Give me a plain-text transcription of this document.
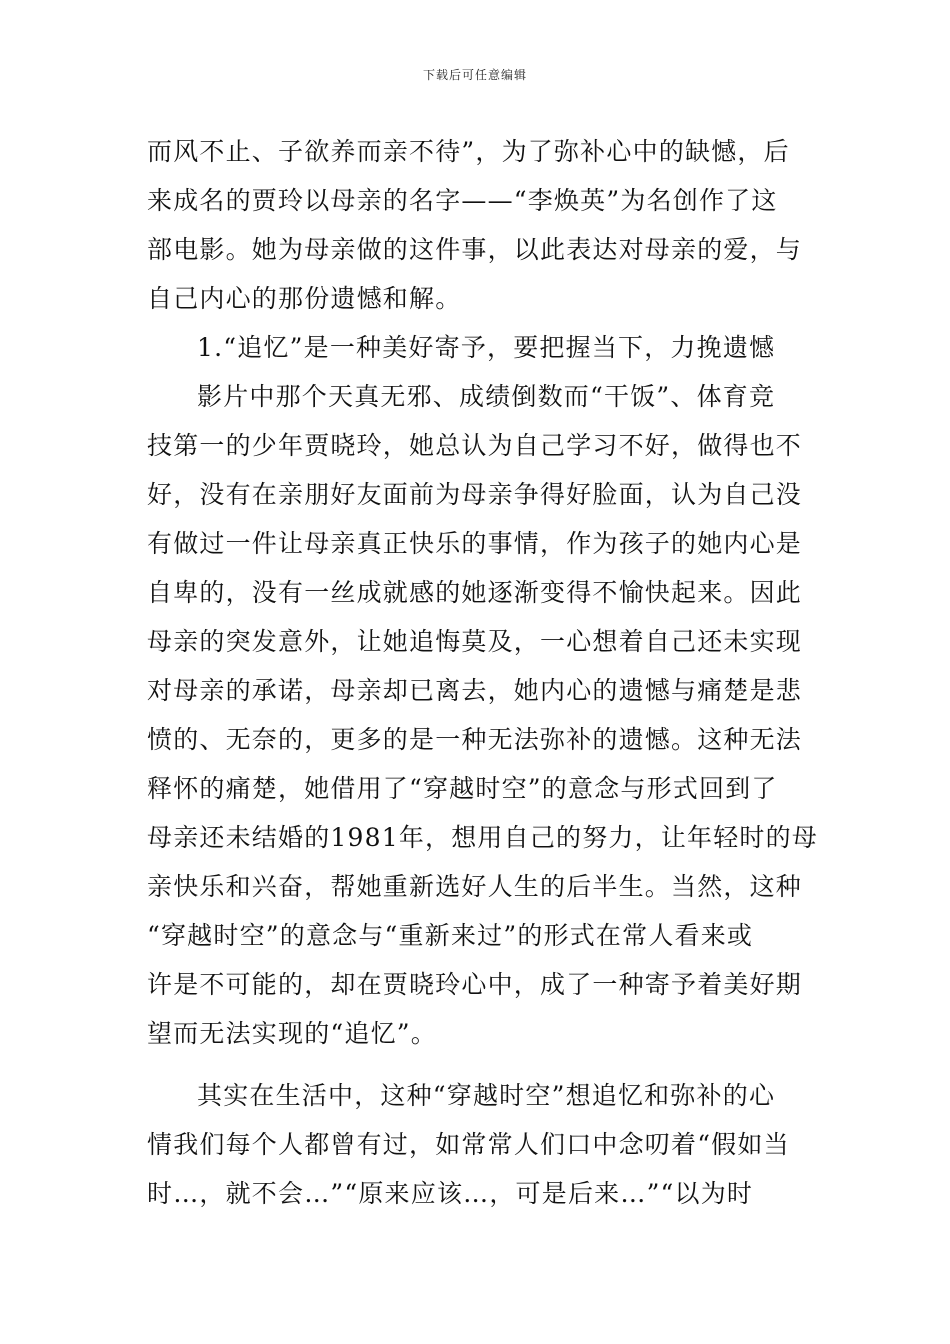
下载后可任意编辑
而风不止、子欲养而亲不待”，为了弥补心中的缺憾，后
来成名的贾玲以母亲的名字——“李焕英”为名创作了这
部电影。她为母亲做的这件事，以此表达对母亲的爱，与
自己内心的那份遗憾和解。
1.“追忆”是一种美好寄予，要把握当下，力挽遗憾
影片中那个天真无邪、成绩倒数而“干饭”、体育竞
技第一的少年贾晓玲，她总认为自己学习不好，做得也不
好，没有在亲朋好友面前为母亲争得好脸面，认为自己没
有做过一件让母亲真正快乐的事情，作为孩子的她内心是
自卑的，没有一丝成就感的她逐渐变得不愉快起来。因此
母亲的突发意外，让她追悔莫及，一心想着自己还未实现
对母亲的承诺，母亲却已离去，她内心的遗憾与痛楚是悲
愤的、无奈的，更多的是一种无法弥补的遗憾。这种无法
释怀的痛楚，她借用了“穿越时空”的意念与形式回到了
母亲还未结婚的1981年，想用自己的努力，让年轻时的母
亲快乐和兴奋，帮她重新选好人生的后半生。当然，这种
“穿越时空”的意念与“重新来过”的形式在常人看来或
许是不可能的，却在贾晓玲心中，成了一种寄予着美好期
望而无法实现的“追忆”。
其实在生活中，这种“穿越时空”想追忆和弥补的心
情我们每个人都曾有过，如常常人们口中念叨着“假如当
时…，就不会…”“原来应该…，可是后来…”“以为时
